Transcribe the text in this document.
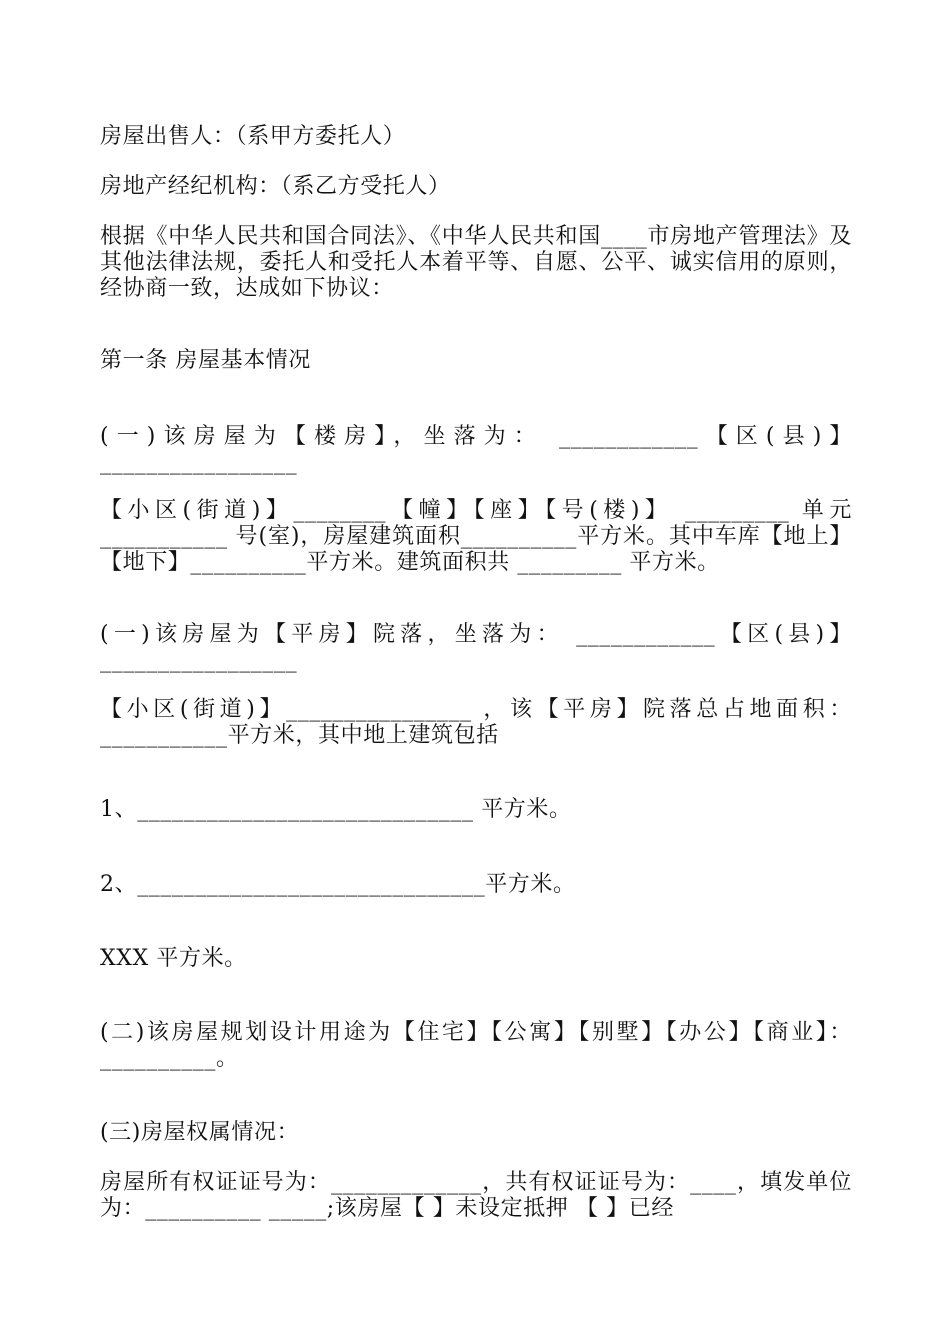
房屋出售人：（系甲方委托人）
房地产经纪机构：（系乙方受托人）
根据《中华人民共和国合同法》、《中华人民共和国____市房地产管理法》及其他法律法规，委托人和受托人本着平等、自愿、公平、诚实信用的原则，经协商一致，达成如下协议：
第一条 房屋基本情况
(一)该房屋为【楼房】，坐落为： ____________【区(县)】_________________
【小区(街道)】________【幢】【座】【号(楼)】 _________ 单元 ___________ 号(室)，房屋建筑面积__________平方米。其中车库【地上】【地下】__________平方米。建筑面积共 _________ 平方米。
(一)该房屋为【平房】院落，坐落为： ____________【区(县)】_________________
【小区(街道)】________________ ，该【平房】院落总占地面积： ___________平方米，其中地上建筑包括
1、_____________________________ 平方米。
2、______________________________平方米。
XXX 平方米。
(二)该房屋规划设计用途为【住宅】【公寓】【别墅】【办公】【商业】： __________。
(三)房屋权属情况：
房屋所有权证证号为：_____________，共有权证证号为：____，填发单位为：__________ _____;该房屋【 】未设定抵押 【 】已经
